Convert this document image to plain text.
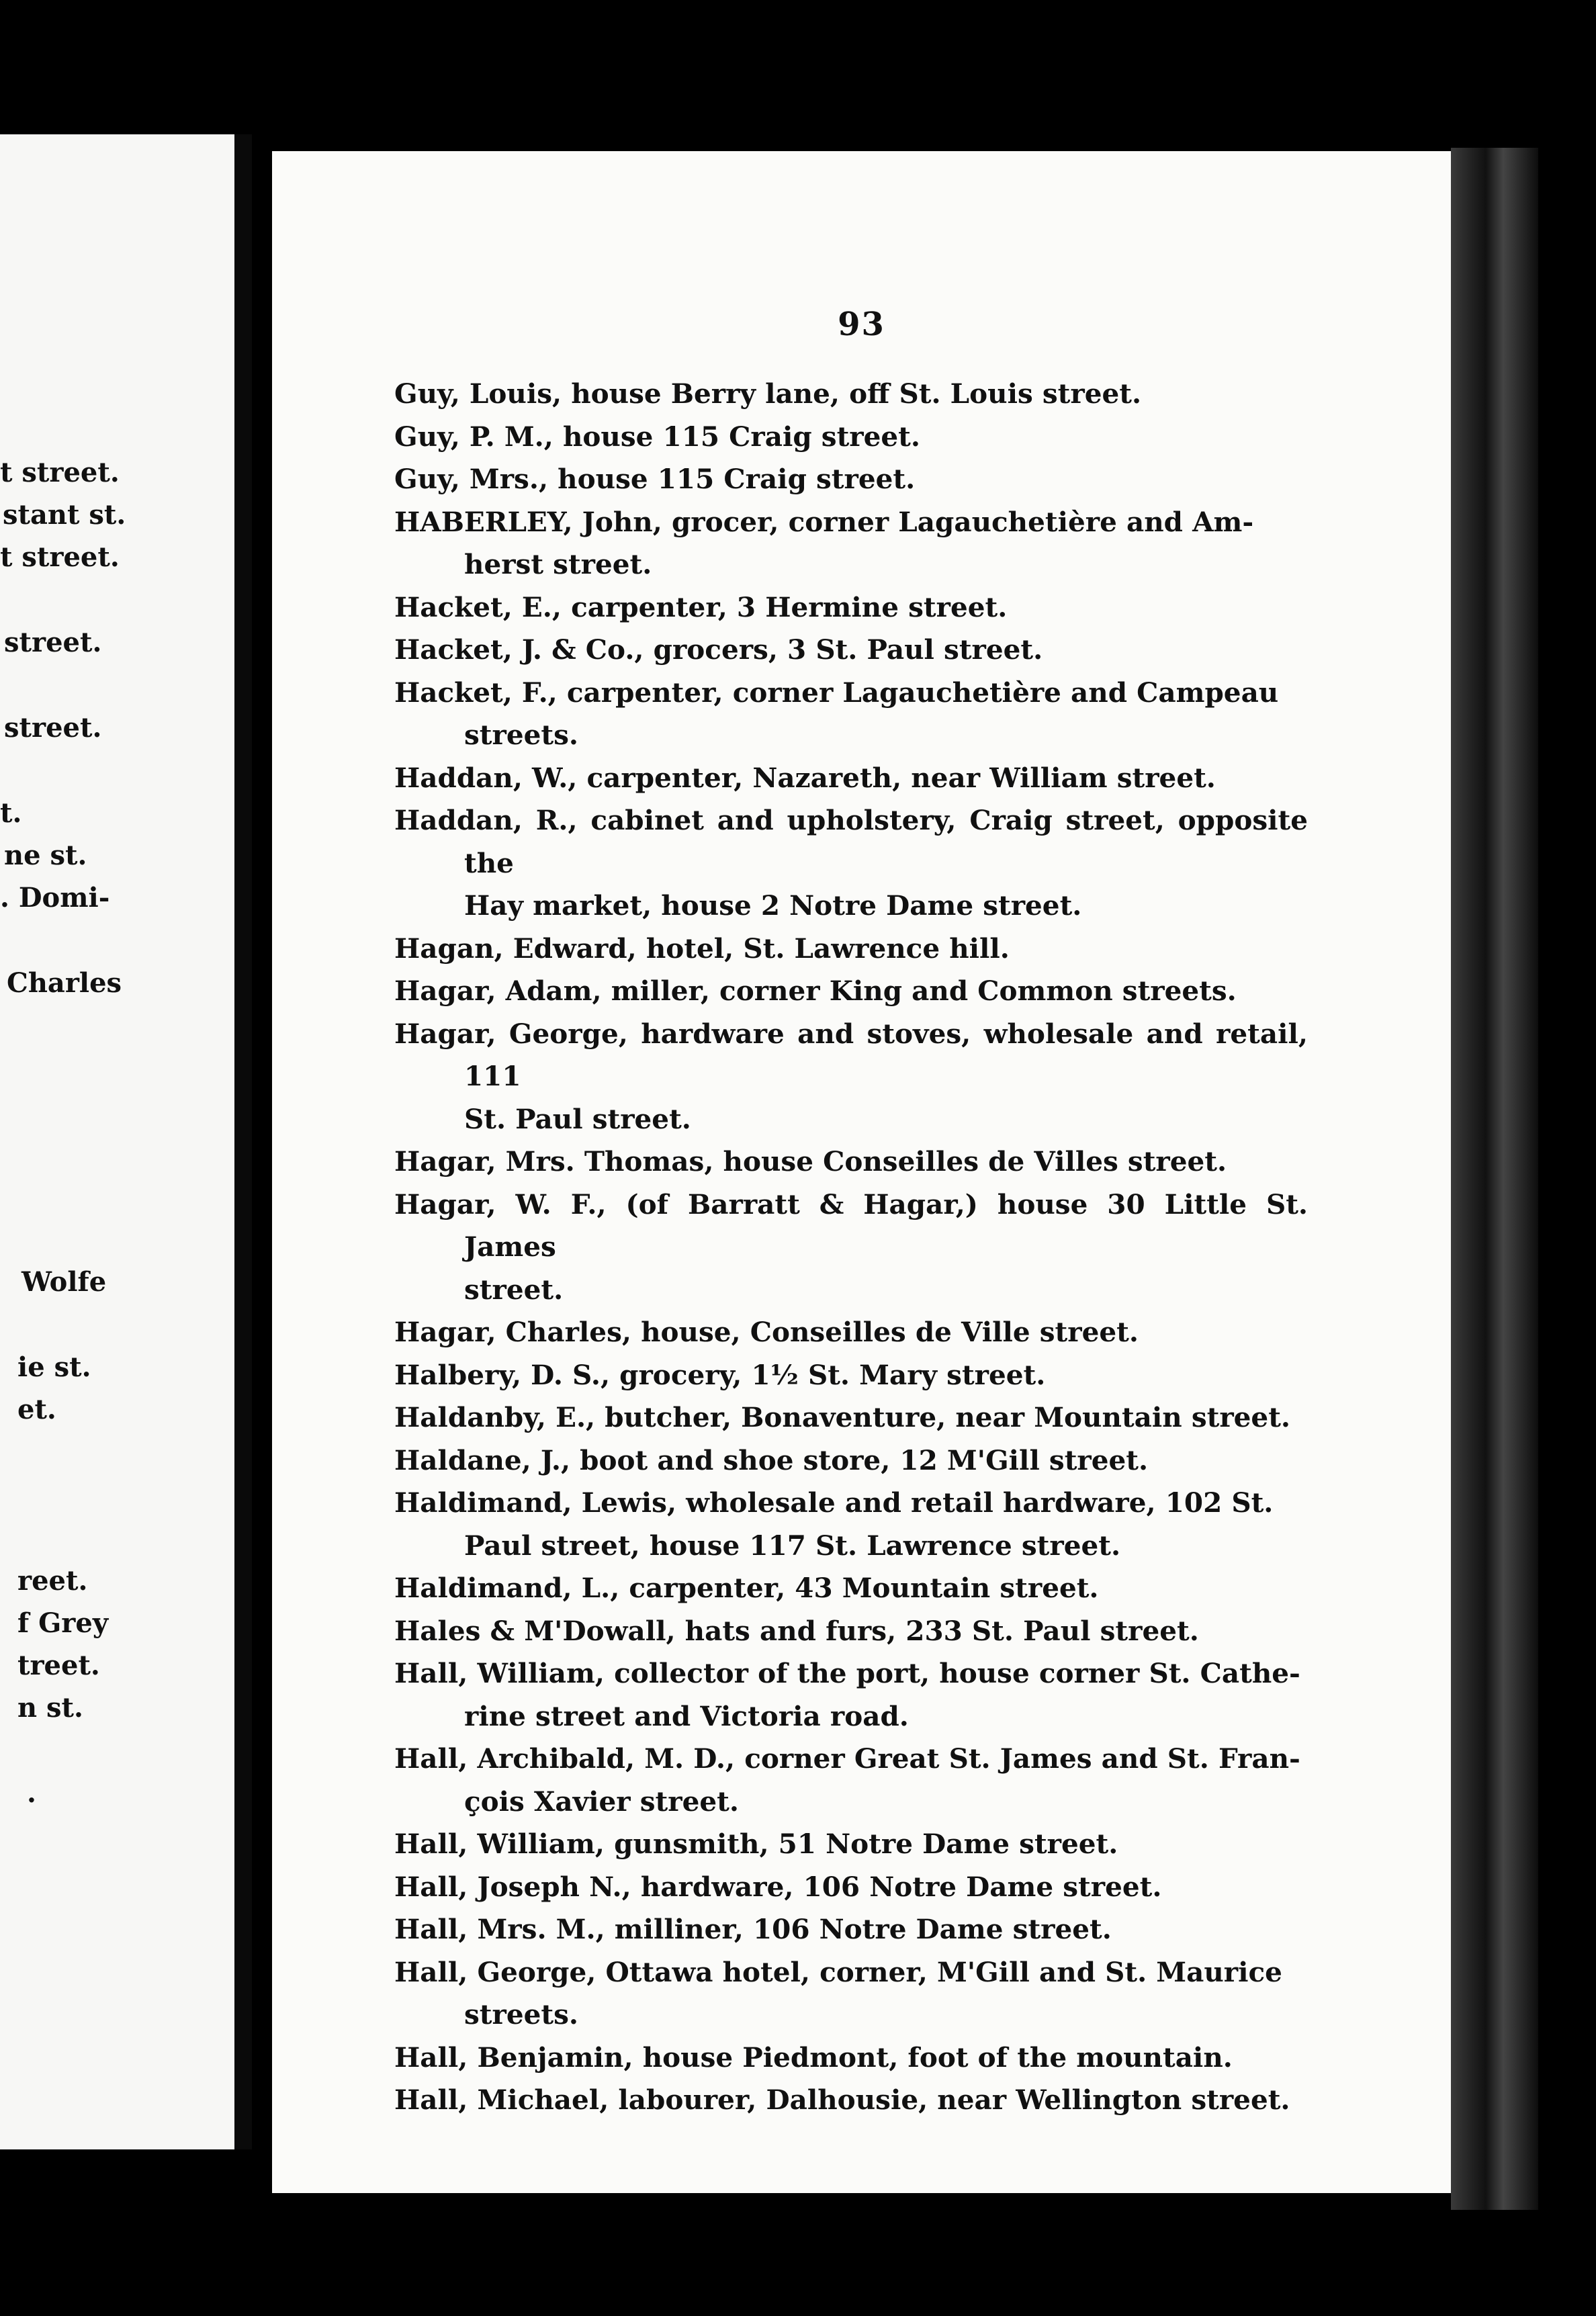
t street.
stant st.
t street.
street.
street.
t.
ne st.
. Domi-
Charles
Wolfe
ie st.
et.
reet.
f Grey
treet.
n st.
.
93
Guy, Louis, house Berry lane, off St. Louis street.
Guy, P. M., house 115 Craig street.
Guy, Mrs., house 115 Craig street.
HABERLEY, John, grocer, corner Lagauchetière and Am-
herst street.
Hacket, E., carpenter, 3 Hermine street.
Hacket, J. & Co., grocers, 3 St. Paul street.
Hacket, F., carpenter, corner Lagauchetière and Campeau
streets.
Haddan, W., carpenter, Nazareth, near William street.
Haddan, R., cabinet and upholstery, Craig street, opposite the
Hay market, house 2 Notre Dame street.
Hagan, Edward, hotel, St. Lawrence hill.
Hagar, Adam, miller, corner King and Common streets.
Hagar, George, hardware and stoves, wholesale and retail, 111
St. Paul street.
Hagar, Mrs. Thomas, house Conseilles de Villes street.
Hagar, W. F., (of Barratt & Hagar,) house 30 Little St. James
street.
Hagar, Charles, house, Conseilles de Ville street.
Halbery, D. S., grocery, 1½ St. Mary street.
Haldanby, E., butcher, Bonaventure, near Mountain street.
Haldane, J., boot and shoe store, 12 M'Gill street.
Haldimand, Lewis, wholesale and retail hardware, 102 St.
Paul street, house 117 St. Lawrence street.
Haldimand, L., carpenter, 43 Mountain street.
Hales & M'Dowall, hats and furs, 233 St. Paul street.
Hall, William, collector of the port, house corner St. Cathe-
rine street and Victoria road.
Hall, Archibald, M. D., corner Great St. James and St. Fran-
çois Xavier street.
Hall, William, gunsmith, 51 Notre Dame street.
Hall, Joseph N., hardware, 106 Notre Dame street.
Hall, Mrs. M., milliner, 106 Notre Dame street.
Hall, George, Ottawa hotel, corner, M'Gill and St. Maurice
streets.
Hall, Benjamin, house Piedmont, foot of the mountain.
Hall, Michael, labourer, Dalhousie, near Wellington street.
